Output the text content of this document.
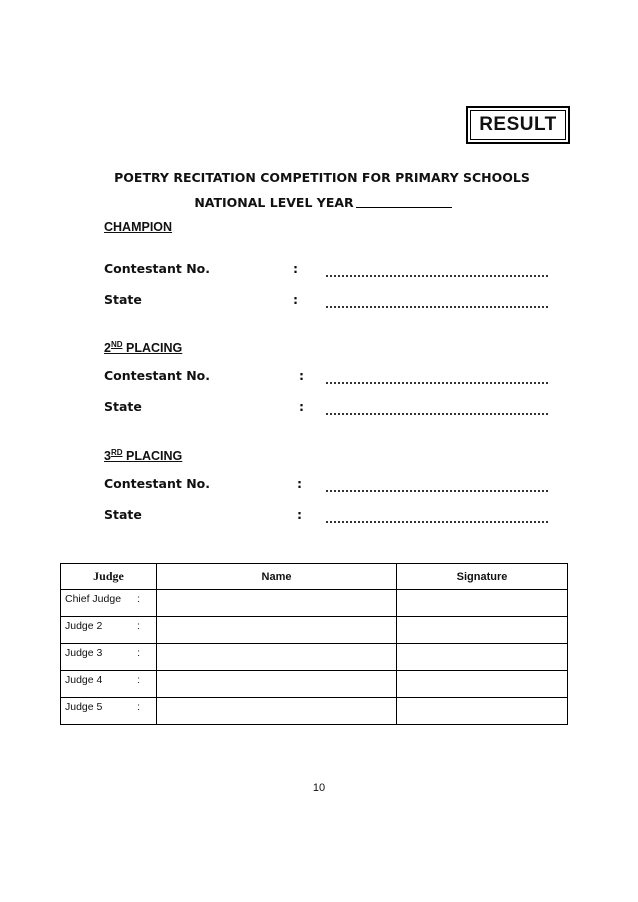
RESULT
POETRY RECITATION COMPETITION FOR PRIMARY SCHOOLS
NATIONAL LEVEL YEAR
CHAMPION
Contestant No.	:
State	:
2ND PLACING
Contestant No.	:
State	:
3RD PLACING
Contestant No.	:
State	:
Judge	Name	Signature

Chief Judge :		

Judge 2 :		

Judge 3 :		

Judge 4 :		

Judge 5 :		

10
